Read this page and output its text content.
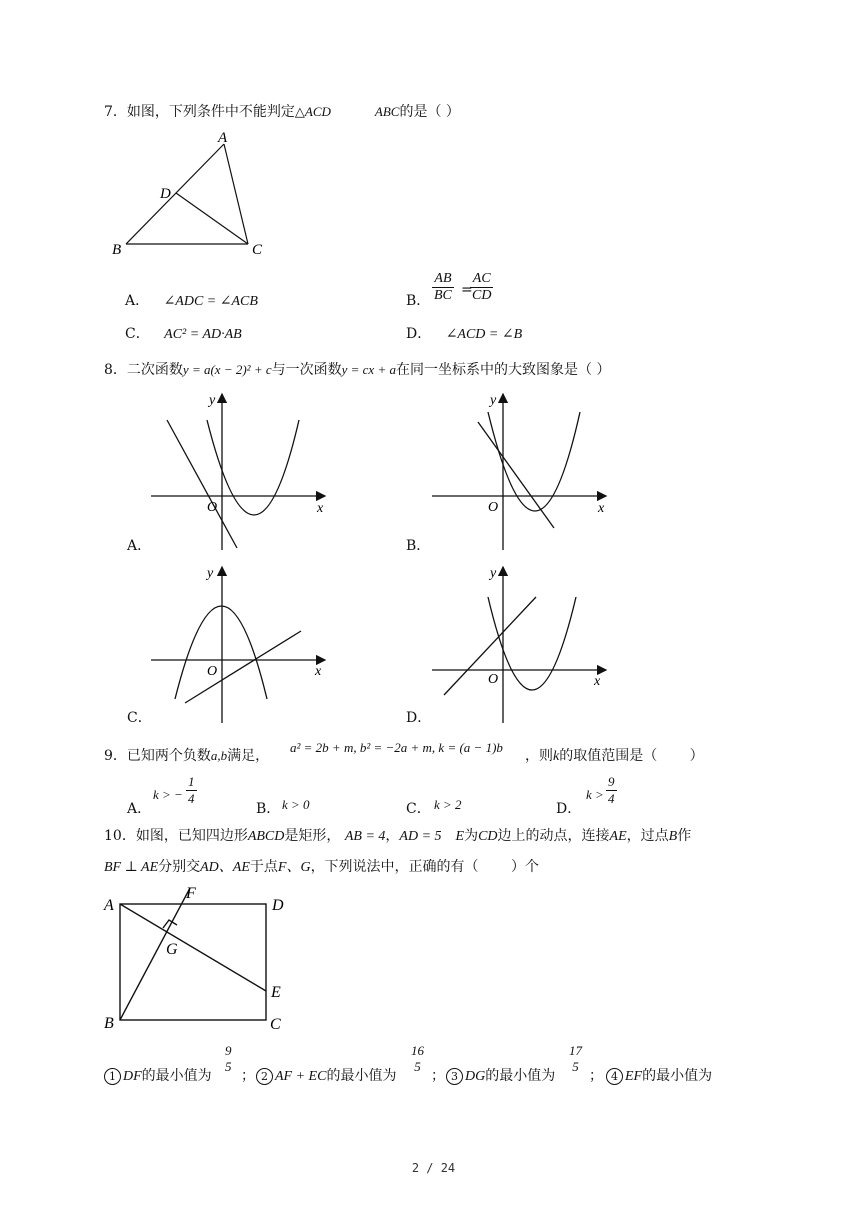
7．如图，下列条件中不能判定△ACD	ABC的是（ ）
A
D
B	C
A． ∠ADC = ∠ACB	B． $\frac{AB}{BC}$ =
$\frac{AC}{CD}$
C． AC² = AD·AB	D． ∠ACD = ∠B
8．二次函数y = a(x − 2)² + c与一次函数y = cx + a在同一坐标系中的大致图象是（ ）
y
x
O
A．
y
x
O
B．
y
x
O
C．
y
x
O
D．
9．已知两个负数a,b满足，
a² = 2b + m, b² = −2a + m, k = (a − 1)b
，则k的取值范围是（ 　　）
A．
k > − $\frac{1}{4}$
B． k > 0	C． k > 2	D．
$k > \frac{9}{4}$
10．如图，已知四边形ABCD是矩形， AB = 4，AD = 5　 E为CD边上的动点，连接AE，过点B作
BF ⊥ AE分别交AD、AE于点F、G，下列说法中，正确的有（ 　　）个
A
F
D
G
E
B	C
1 DF的最小值为
9
5
； 2 AF + EC的最小值为
16
5
； 3 DG的最小值为
17
5
； 4 EF的最小值为
2 / 24
